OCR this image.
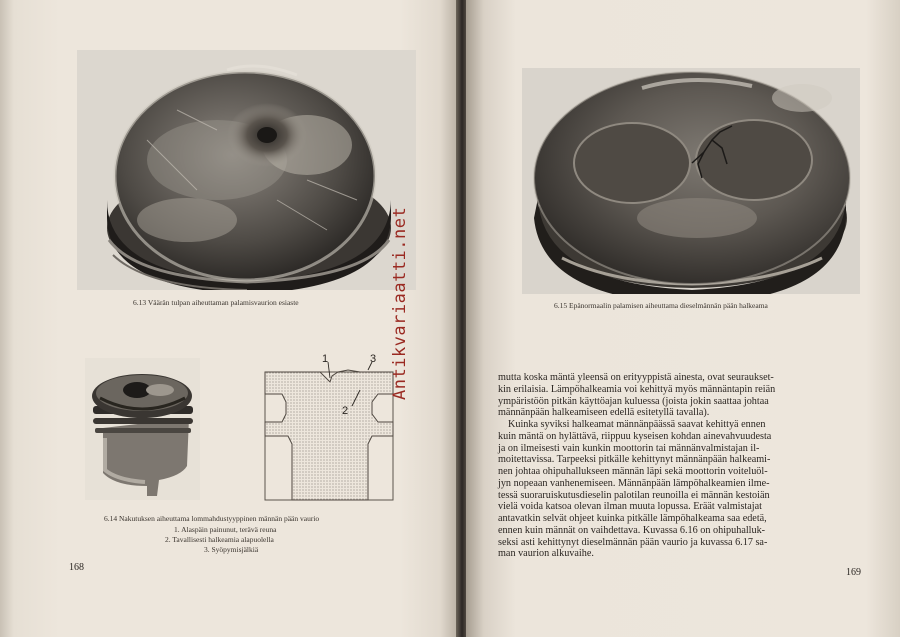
6.13 Väärän tulpan aiheuttaman palamisvaurion esiaste
1	3
2
6.14 Nakutuksen aiheuttama lommahdustyyppinen männän pään vaurio
1. Alaspäin painunut, terävä reuna
2. Tavallisesti halkeamia alapuolella
3. Syöpymisjälkiä
168
6.15 Epänormaalin palamisen aiheuttama dieselmännän pään halkeama
mutta koska mäntä yleensä on erityyppistä ainesta, ovat seuraukset-
kin erilaisia. Lämpöhalkeamia voi kehittyä myös männäntapin reiän
ympäristöön pitkän käyttöajan kuluessa (joista jokin saattaa johtaa
männänpään halkeamiseen edellä esitetyllä tavalla).
Kuinka syviksi halkeamat männänpäässä saavat kehittyä ennen
kuin mäntä on hylättävä, riippuu kyseisen kohdan ainevahvuudesta
ja on ilmeisesti vain kunkin moottorin tai männänvalmistajan il-
moitettavissa. Tarpeeksi pitkälle kehittynyt männänpään halkeami-
nen johtaa ohipuhallukseen männän läpi sekä moottorin voiteluöl-
jyn nopeaan vanhenemiseen. Männänpään lämpöhalkeamien ilme-
tessä suoraruiskutusdieselin palotilan reunoilla ei männän kestoiän
vielä voida katsoa olevan ilman muuta lopussa. Eräät valmistajat
antavatkin selvät ohjeet kuinka pitkälle lämpöhalkeama saa edetä,
ennen kuin männät on vaihdettava. Kuvassa 6.16 on ohipuhalluk-
seksi asti kehittynyt dieselmännän pään vaurio ja kuvassa 6.17 sa-
man vaurion alkuvaihe.
169
Antikvariaatti.net
